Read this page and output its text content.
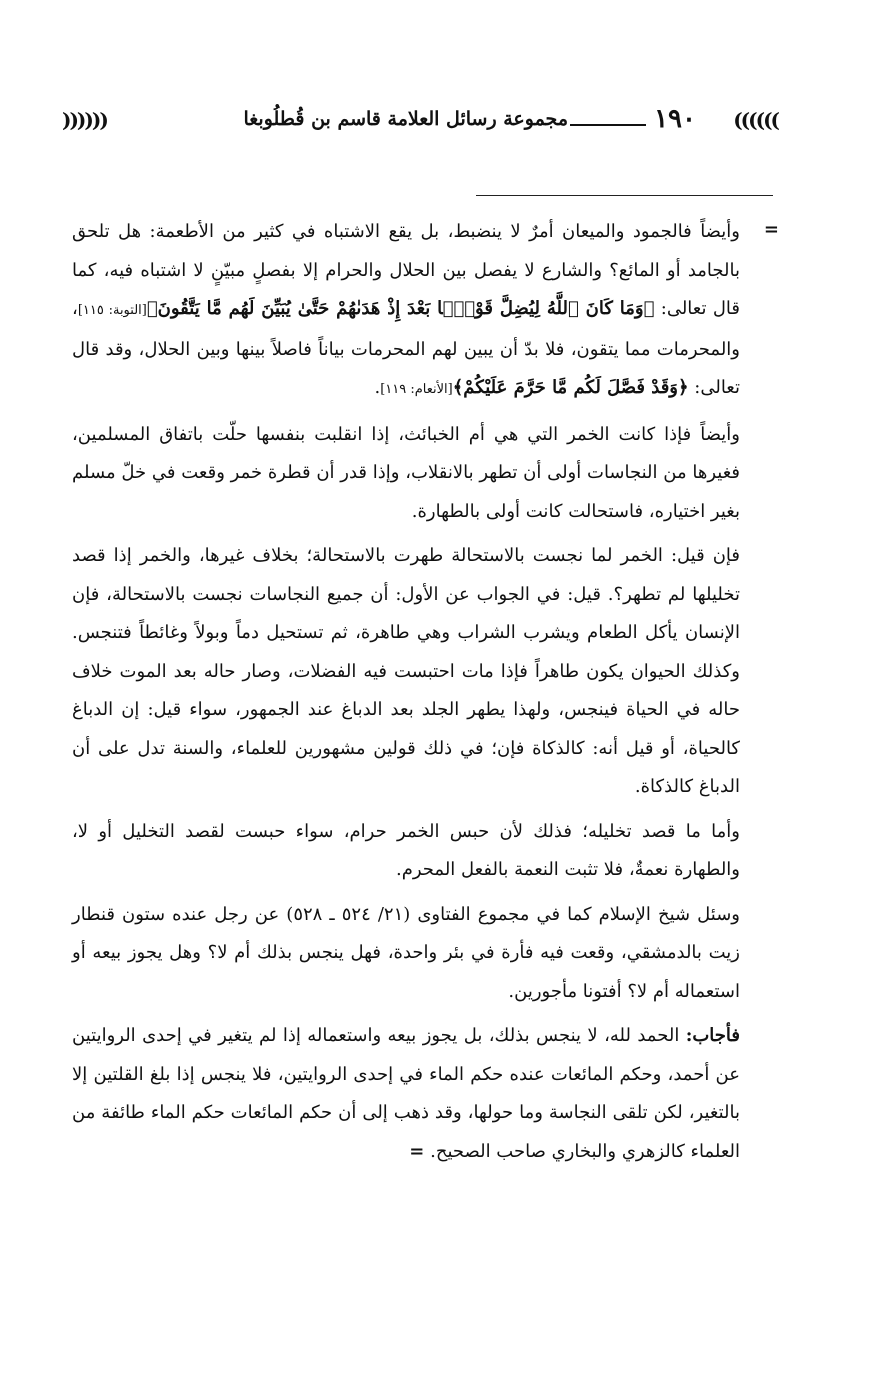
١٩٠ ((((((
مجموعة رسائل العلامة قاسم بن قُطلُوبغا
))))))
=

وأيضاً فالجمود والميعان أمرٌ لا ينضبط، بل يقع الاشتباه في كثير من الأطعمة: هل تلحق بالجامد أو المائع؟ والشارع لا يفصل بين الحلال والحرام إلا بفصلٍ مبيّنٍ لا اشتباه فيه، كما قال تعالى: ﴿وَمَا كَانَ ٱللَّهُ لِيُضِلَّ قَوْمًۢا بَعْدَ إِذْ هَدَىٰهُمْ حَتَّىٰ يُبَيِّنَ لَهُم مَّا يَتَّقُونَ﴾[التوبة: ١١٥]، والمحرمات مما يتقون، فلا بدّ أن يبين لهم المحرمات بياناً فاصلاً بينها وبين الحلال، وقد قال تعالى: ﴿وَقَدْ فَصَّلَ لَكُم مَّا حَرَّمَ عَلَيْكُمْ﴾[الأنعام: ١١٩].

وأيضاً فإذا كانت الخمر التي هي أم الخبائث، إذا انقلبت بنفسها حلّت باتفاق المسلمين، فغيرها من النجاسات أولى أن تطهر بالانقلاب، وإذا قدر أن قطرة خمر وقعت في خلّ مسلم بغير اختياره، فاستحالت كانت أولى بالطهارة.

فإن قيل: الخمر لما نجست بالاستحالة طهرت بالاستحالة؛ بخلاف غيرها، والخمر إذا قصد تخليلها لم تطهر؟. قيل: في الجواب عن الأول: أن جميع النجاسات نجست بالاستحالة، فإن الإنسان يأكل الطعام ويشرب الشراب وهي طاهرة، ثم تستحيل دماً وبولاً وغائطاً فتنجس. وكذلك الحيوان يكون طاهراً فإذا مات احتبست فيه الفضلات، وصار حاله بعد الموت خلاف حاله في الحياة فينجس، ولهذا يطهر الجلد بعد الدباغ عند الجمهور، سواء قيل: إن الدباغ كالحياة، أو قيل أنه: كالذكاة فإن؛ في ذلك قولين مشهورين للعلماء، والسنة تدل على أن الدباغ كالذكاة.

وأما ما قصد تخليله؛ فذلك لأن حبس الخمر حرام، سواء حبست لقصد التخليل أو لا، والطهارة نعمةٌ، فلا تثبت النعمة بالفعل المحرم.

وسئل شيخ الإسلام كما في مجموع الفتاوى (٢١/ ٥٢٤ ـ ٥٢٨) عن رجل عنده ستون قنطار زيت بالدمشقي، وقعت فيه فأرة في بئر واحدة، فهل ينجس بذلك أم لا؟ وهل يجوز بيعه أو استعماله أم لا؟ أفتونا مأجورين.

فأجاب: الحمد لله، لا ينجس بذلك، بل يجوز بيعه واستعماله إذا لم يتغير في إحدى الروايتين عن أحمد، وحكم المائعات عنده حكم الماء في إحدى الروايتين، فلا ينجس إذا بلغ القلتين إلا بالتغير، لكن تلقى النجاسة وما حولها، وقد ذهب إلى أن حكم المائعات حكم الماء طائفة من العلماء كالزهري والبخاري صاحب الصحيح. =
